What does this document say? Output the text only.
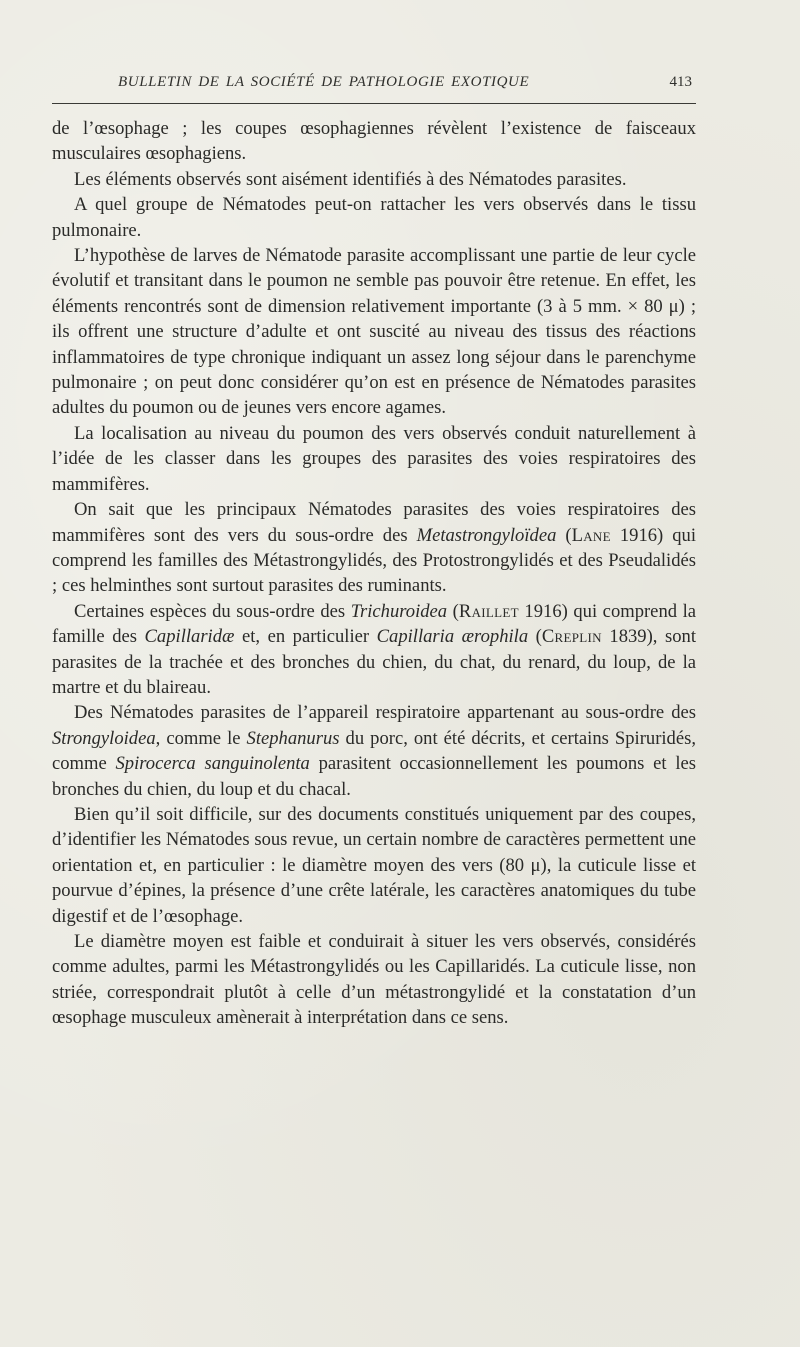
BULLETIN DE LA SOCIÉTÉ DE PATHOLOGIE EXOTIQUE	413

de l’œsophage ; les coupes œsophagiennes révèlent l’existence de faisceaux musculaires œsophagiens.

Les éléments observés sont aisément identifiés à des Nématodes parasites.

A quel groupe de Nématodes peut-on rattacher les vers observés dans le tissu pulmonaire.

L’hypothèse de larves de Nématode parasite accomplissant une partie de leur cycle évolutif et transitant dans le poumon ne semble pas pouvoir être retenue. En effet, les éléments rencontrés sont de dimension relativement importante (3 à 5 mm. × 80 μ) ; ils offrent une structure d’adulte et ont suscité au niveau des tissus des réactions inflammatoires de type chronique indiquant un assez long séjour dans le parenchyme pulmonaire ; on peut donc considérer qu’on est en présence de Nématodes parasites adultes du poumon ou de jeunes vers encore agames.

La localisation au niveau du poumon des vers observés conduit naturellement à l’idée de les classer dans les groupes des parasites des voies respiratoires des mammifères.

On sait que les principaux Nématodes parasites des voies respiratoires des mammifères sont des vers du sous-ordre des Metastrongyloïdea (Lane 1916) qui comprend les familles des Métastrongylidés, des Protostrongylidés et des Pseudalidés ; ces helminthes sont surtout parasites des ruminants.

Certaines espèces du sous-ordre des Trichuroidea (Raillet 1916) qui comprend la famille des Capillaridæ et, en particulier Capillaria ærophila (Creplin 1839), sont parasites de la trachée et des bronches du chien, du chat, du renard, du loup, de la martre et du blaireau.

Des Nématodes parasites de l’appareil respiratoire appartenant au sous-ordre des Strongyloidea, comme le Stephanurus du porc, ont été décrits, et certains Spiruridés, comme Spirocerca sanguinolenta parasitent occasionnellement les poumons et les bronches du chien, du loup et du chacal.

Bien qu’il soit difficile, sur des documents constitués uniquement par des coupes, d’identifier les Nématodes sous revue, un certain nombre de caractères permettent une orientation et, en particulier : le diamètre moyen des vers (80 μ), la cuticule lisse et pourvue d’épines, la présence d’une crête latérale, les caractères anatomiques du tube digestif et de l’œsophage.

Le diamètre moyen est faible et conduirait à situer les vers observés, considérés comme adultes, parmi les Métastrongylidés ou les Capillaridés. La cuticule lisse, non striée, correspondrait plutôt à celle d’un métastrongylidé et la constatation d’un œsophage musculeux amènerait à interprétation dans ce sens.
